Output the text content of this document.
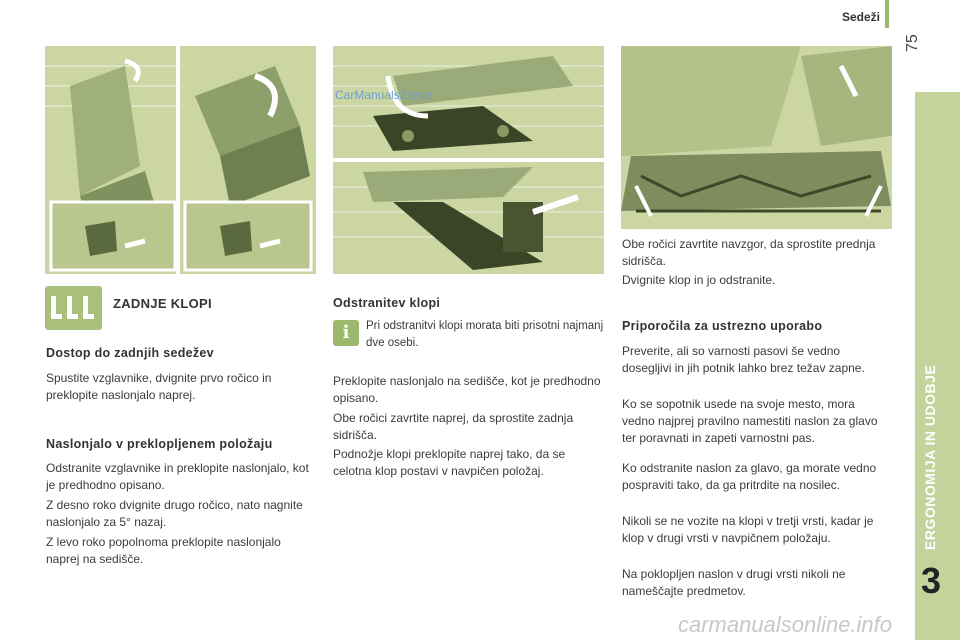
Sedeži
75
ERGONOMIJA IN UDOBJE
3
CarManuals2.com
ZADNJE KLOPI
Dostop do zadnjih sedežev

Spustite vzglavnike, dvignite prvo ročico in preklopite naslonjalo naprej.

Naslonjalo v preklopljenem položaju

Odstranite vzglavnike in preklopite naslonjalo, kot je predhodno opisano.

Z desno roko dvignite drugo ročico, nato nagnite naslonjalo za 5° nazaj.

Z levo roko popolnoma preklopite naslonjalo naprej na sedišče.

Odstranitev klopi
i	Pri odstranitvi klopi morata biti prisotni najmanj dve osebi.

Preklopite naslonjalo na sedišče, kot je predhodno opisano.

Obe ročici zavrtite naprej, da sprostite zadnja sidrišča.

Podnožje klopi preklopite naprej tako, da se celotna klop postavi v navpičen položaj.

Obe ročici zavrtite navzgor, da sprostite prednja sidrišča.

Dvignite klop in jo odstranite.

Priporočila za ustrezno uporabo

Preverite, ali so varnosti pasovi še vedno dosegljivi in jih potnik lahko brez težav zapne.

Ko se sopotnik usede na svoje mesto, mora vedno najprej pravilno namestiti naslon za glavo ter poravnati in zapeti varnostni pas.

Ko odstranite naslon za glavo, ga morate vedno pospraviti tako, da ga pritrdite na nosilec.

Nikoli se ne vozite na klopi v tretji vrsti, kadar je klop v drugi vrsti v navpičnem položaju.

Na poklopljen naslon v drugi vrsti nikoli ne nameščajte predmetov.

carmanualsonline.info
